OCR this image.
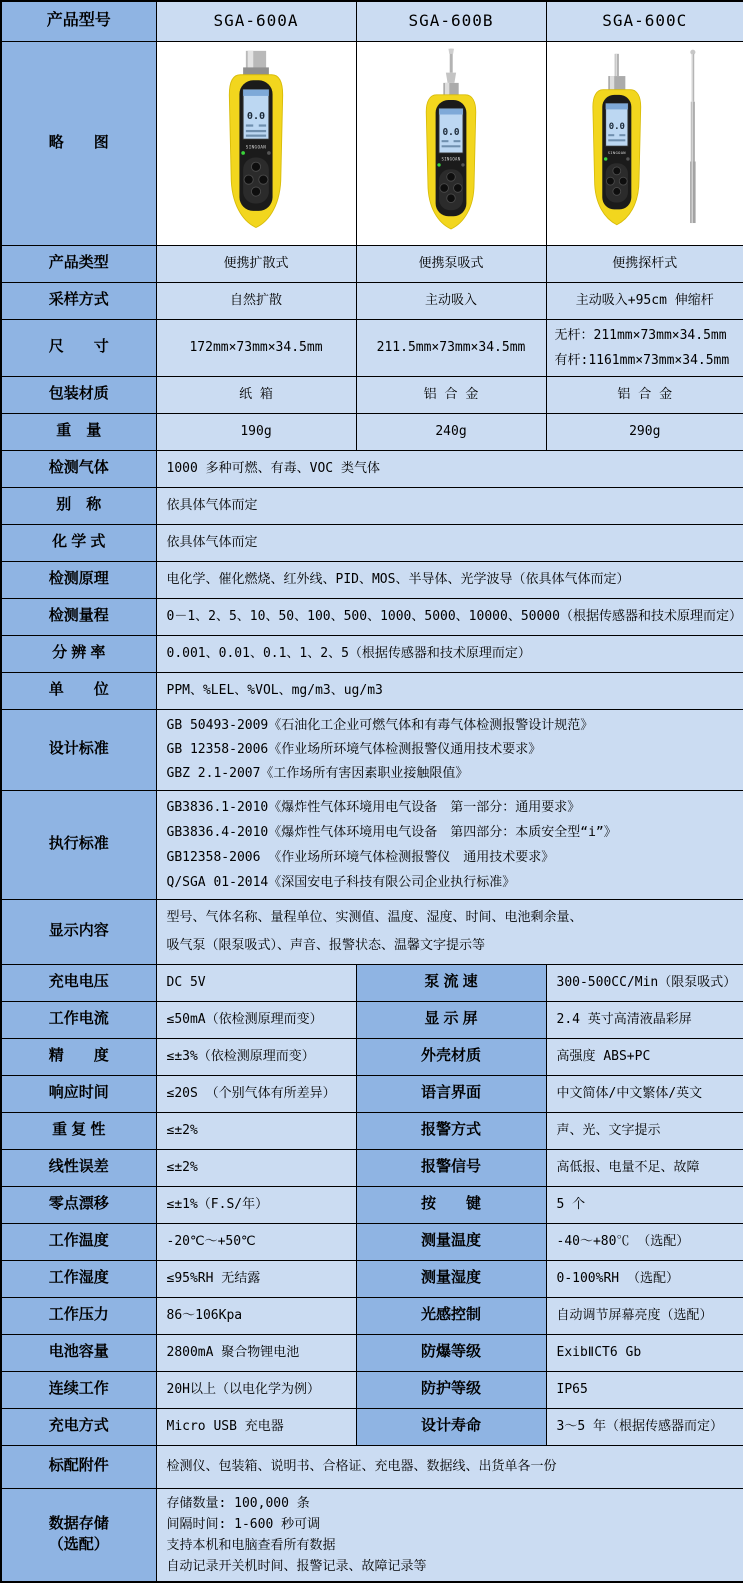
产品型号	SGA-600A	SGA-600B	SGA-600C
略　　图	0.0
SINGOAN	0.0
SINGOAN	0.0
SINGOAN

产品类型	便携扩散式	便携泵吸式	便携探杆式
采样方式	自然扩散	主动吸入	主动吸入+95cm 伸缩杆
尺　　寸	172mm×73mm×34.5mm	211.5mm×73mm×34.5mm	无杆：211mm×73mm×34.5mm
有杆:1161mm×73mm×34.5mm

包装材质	纸 箱	铝 合 金	铝 合 金
重　量	190g	240g	290g
检测气体	1000 多种可燃、有毒、VOC 类气体		
别　称	依具体气体而定		
化 学 式	依具体气体而定		
检测原理	电化学、催化燃烧、红外线、PID、MOS、半导体、光学波导（依具体气体而定）		
检测量程	0－1、2、5、10、50、100、500、1000、5000、10000、50000（根据传感器和技术原理而定）		
分 辨 率	0.001、0.01、0.1、1、2、5（根据传感器和技术原理而定）		
单　　位	PPM、%LEL、%VOL、mg/m3、ug/m3		
设计标准	GB 50493-2009《石油化工企业可燃气体和有毒气体检测报警设计规范》
GB 12358-2006《作业场所环境气体检测报警仪通用技术要求》
GBZ 2.1-2007《工作场所有害因素职业接触限值》		

执行标准	GB3836.1-2010《爆炸性气体环境用电气设备　第一部分：通用要求》
GB3836.4-2010《爆炸性气体环境用电气设备　第四部分：本质安全型“i”》
GB12358-2006 《作业场所环境气体检测报警仪　通用技术要求》
Q/SGA 01-2014《深国安电子科技有限公司企业执行标准》		

显示内容	型号、气体名称、量程单位、实测值、温度、湿度、时间、电池剩余量、
吸气泵（限泵吸式）、声音、报警状态、温馨文字提示等		

充电电压	DC 5V	泵 流 速	300-500CC/Min（限泵吸式）
工作电流	≤50mA（依检测原理而变）	显 示 屏	2.4 英寸高清液晶彩屏
精　　度	≤±3%（依检测原理而变）	外壳材质	高强度 ABS+PC
响应时间	≤20S （个别气体有所差异）	语言界面	中文简体/中文繁体/英文
重 复 性	≤±2%	报警方式	声、光、文字提示
线性误差	≤±2%	报警信号	高低报、电量不足、故障
零点漂移	≤±1%（F.S/年）	按　　键	5 个
工作温度	-20℃～+50℃	测量温度	-40～+80℃ （选配）
工作湿度	≤95%RH 无结露	测量湿度	0-100%RH （选配）
工作压力	86～106Kpa	光感控制	自动调节屏幕亮度（选配）
电池容量	2800mA 聚合物锂电池	防爆等级	ExibⅡCT6 Gb
连续工作	20H以上（以电化学为例）	防护等级	IP65
充电方式	Micro USB 充电器	设计寿命	3～5 年（根据传感器而定）
标配附件	检测仪、包装箱、说明书、合格证、充电器、数据线、出货单各一份		

数据存储
（选配）	存储数量: 100,000 条
间隔时间: 1-600 秒可调
支持本机和电脑查看所有数据
自动记录开关机时间、报警记录、故障记录等		
